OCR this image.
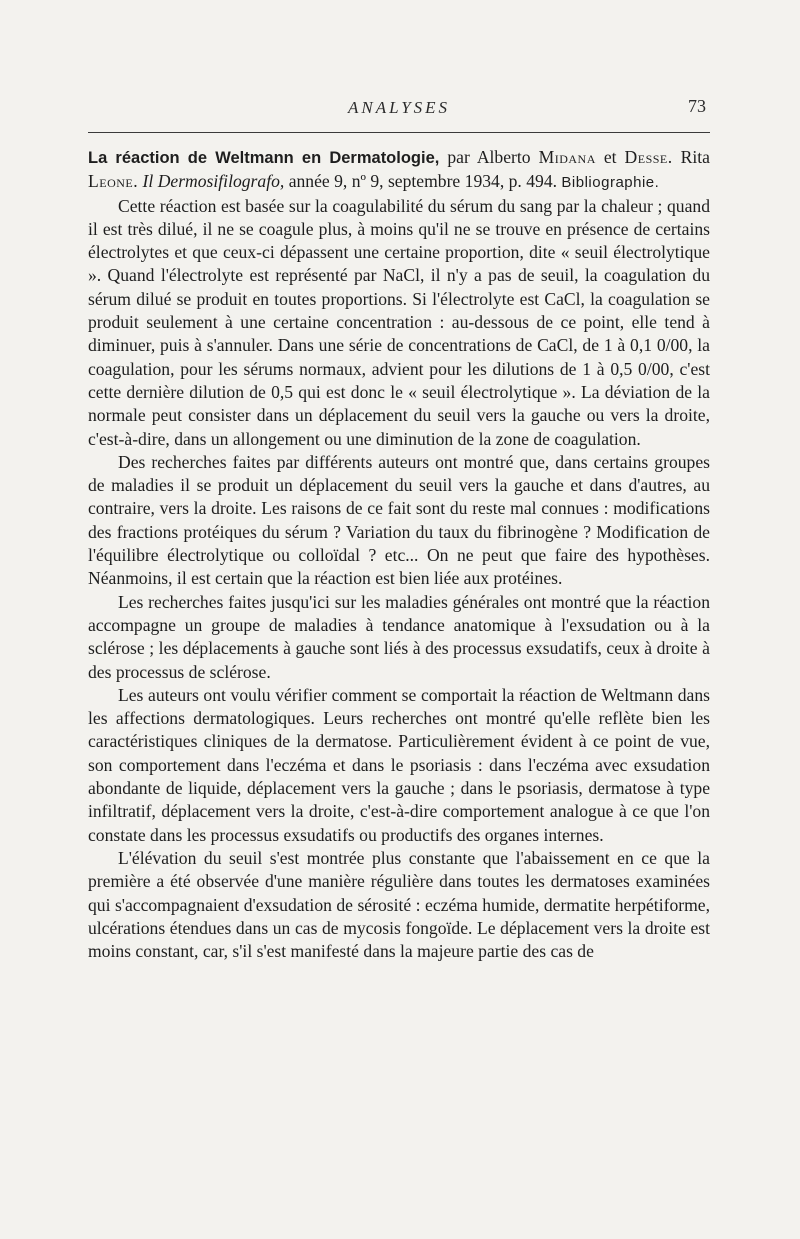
ANALYSES	73

La réaction de Weltmann en Dermatologie, par Alberto Midana et Desse. Rita Leone. Il Dermosifilografo, année 9, nº 9, septembre 1934, p. 494. Bibliographie.

Cette réaction est basée sur la coagulabilité du sérum du sang par la chaleur ; quand il est très dilué, il ne se coagule plus, à moins qu'il ne se trouve en présence de certains électrolytes et que ceux-ci dépassent une certaine proportion, dite « seuil électrolytique ». Quand l'électrolyte est représenté par NaCl, il n'y a pas de seuil, la coagulation du sérum dilué se produit en toutes proportions. Si l'électrolyte est CaCl, la coagulation se produit seulement à une certaine concentration : au-dessous de ce point, elle tend à diminuer, puis à s'annuler. Dans une série de concentrations de CaCl, de 1 à 0,1 0/00, la coagulation, pour les sérums normaux, advient pour les dilutions de 1 à 0,5 0/00, c'est cette dernière dilution de 0,5 qui est donc le « seuil électrolytique ». La déviation de la normale peut consister dans un déplacement du seuil vers la gauche ou vers la droite, c'est-à-dire, dans un allongement ou une diminution de la zone de coagulation.

Des recherches faites par différents auteurs ont montré que, dans certains groupes de maladies il se produit un déplacement du seuil vers la gauche et dans d'autres, au contraire, vers la droite. Les raisons de ce fait sont du reste mal connues : modifications des fractions protéiques du sérum ? Variation du taux du fibrinogène ? Modification de l'équilibre électrolytique ou colloïdal ? etc... On ne peut que faire des hypothèses. Néanmoins, il est certain que la réaction est bien liée aux protéines.

Les recherches faites jusqu'ici sur les maladies générales ont montré que la réaction accompagne un groupe de maladies à tendance anatomique à l'exsudation ou à la sclérose ; les déplacements à gauche sont liés à des processus exsudatifs, ceux à droite à des processus de sclérose.

Les auteurs ont voulu vérifier comment se comportait la réaction de Weltmann dans les affections dermatologiques. Leurs recherches ont montré qu'elle reflète bien les caractéristiques cliniques de la dermatose. Particulièrement évident à ce point de vue, son comportement dans l'eczéma et dans le psoriasis : dans l'eczéma avec exsudation abondante de liquide, déplacement vers la gauche ; dans le psoriasis, dermatose à type infiltratif, déplacement vers la droite, c'est-à-dire comportement analogue à ce que l'on constate dans les processus exsudatifs ou productifs des organes internes.

L'élévation du seuil s'est montrée plus constante que l'abaissement en ce que la première a été observée d'une manière régulière dans toutes les dermatoses examinées qui s'accompagnaient d'exsudation de sérosité : eczéma humide, dermatite herpétiforme, ulcérations étendues dans un cas de mycosis fongoïde. Le déplacement vers la droite est moins constant, car, s'il s'est manifesté dans la majeure partie des cas de
